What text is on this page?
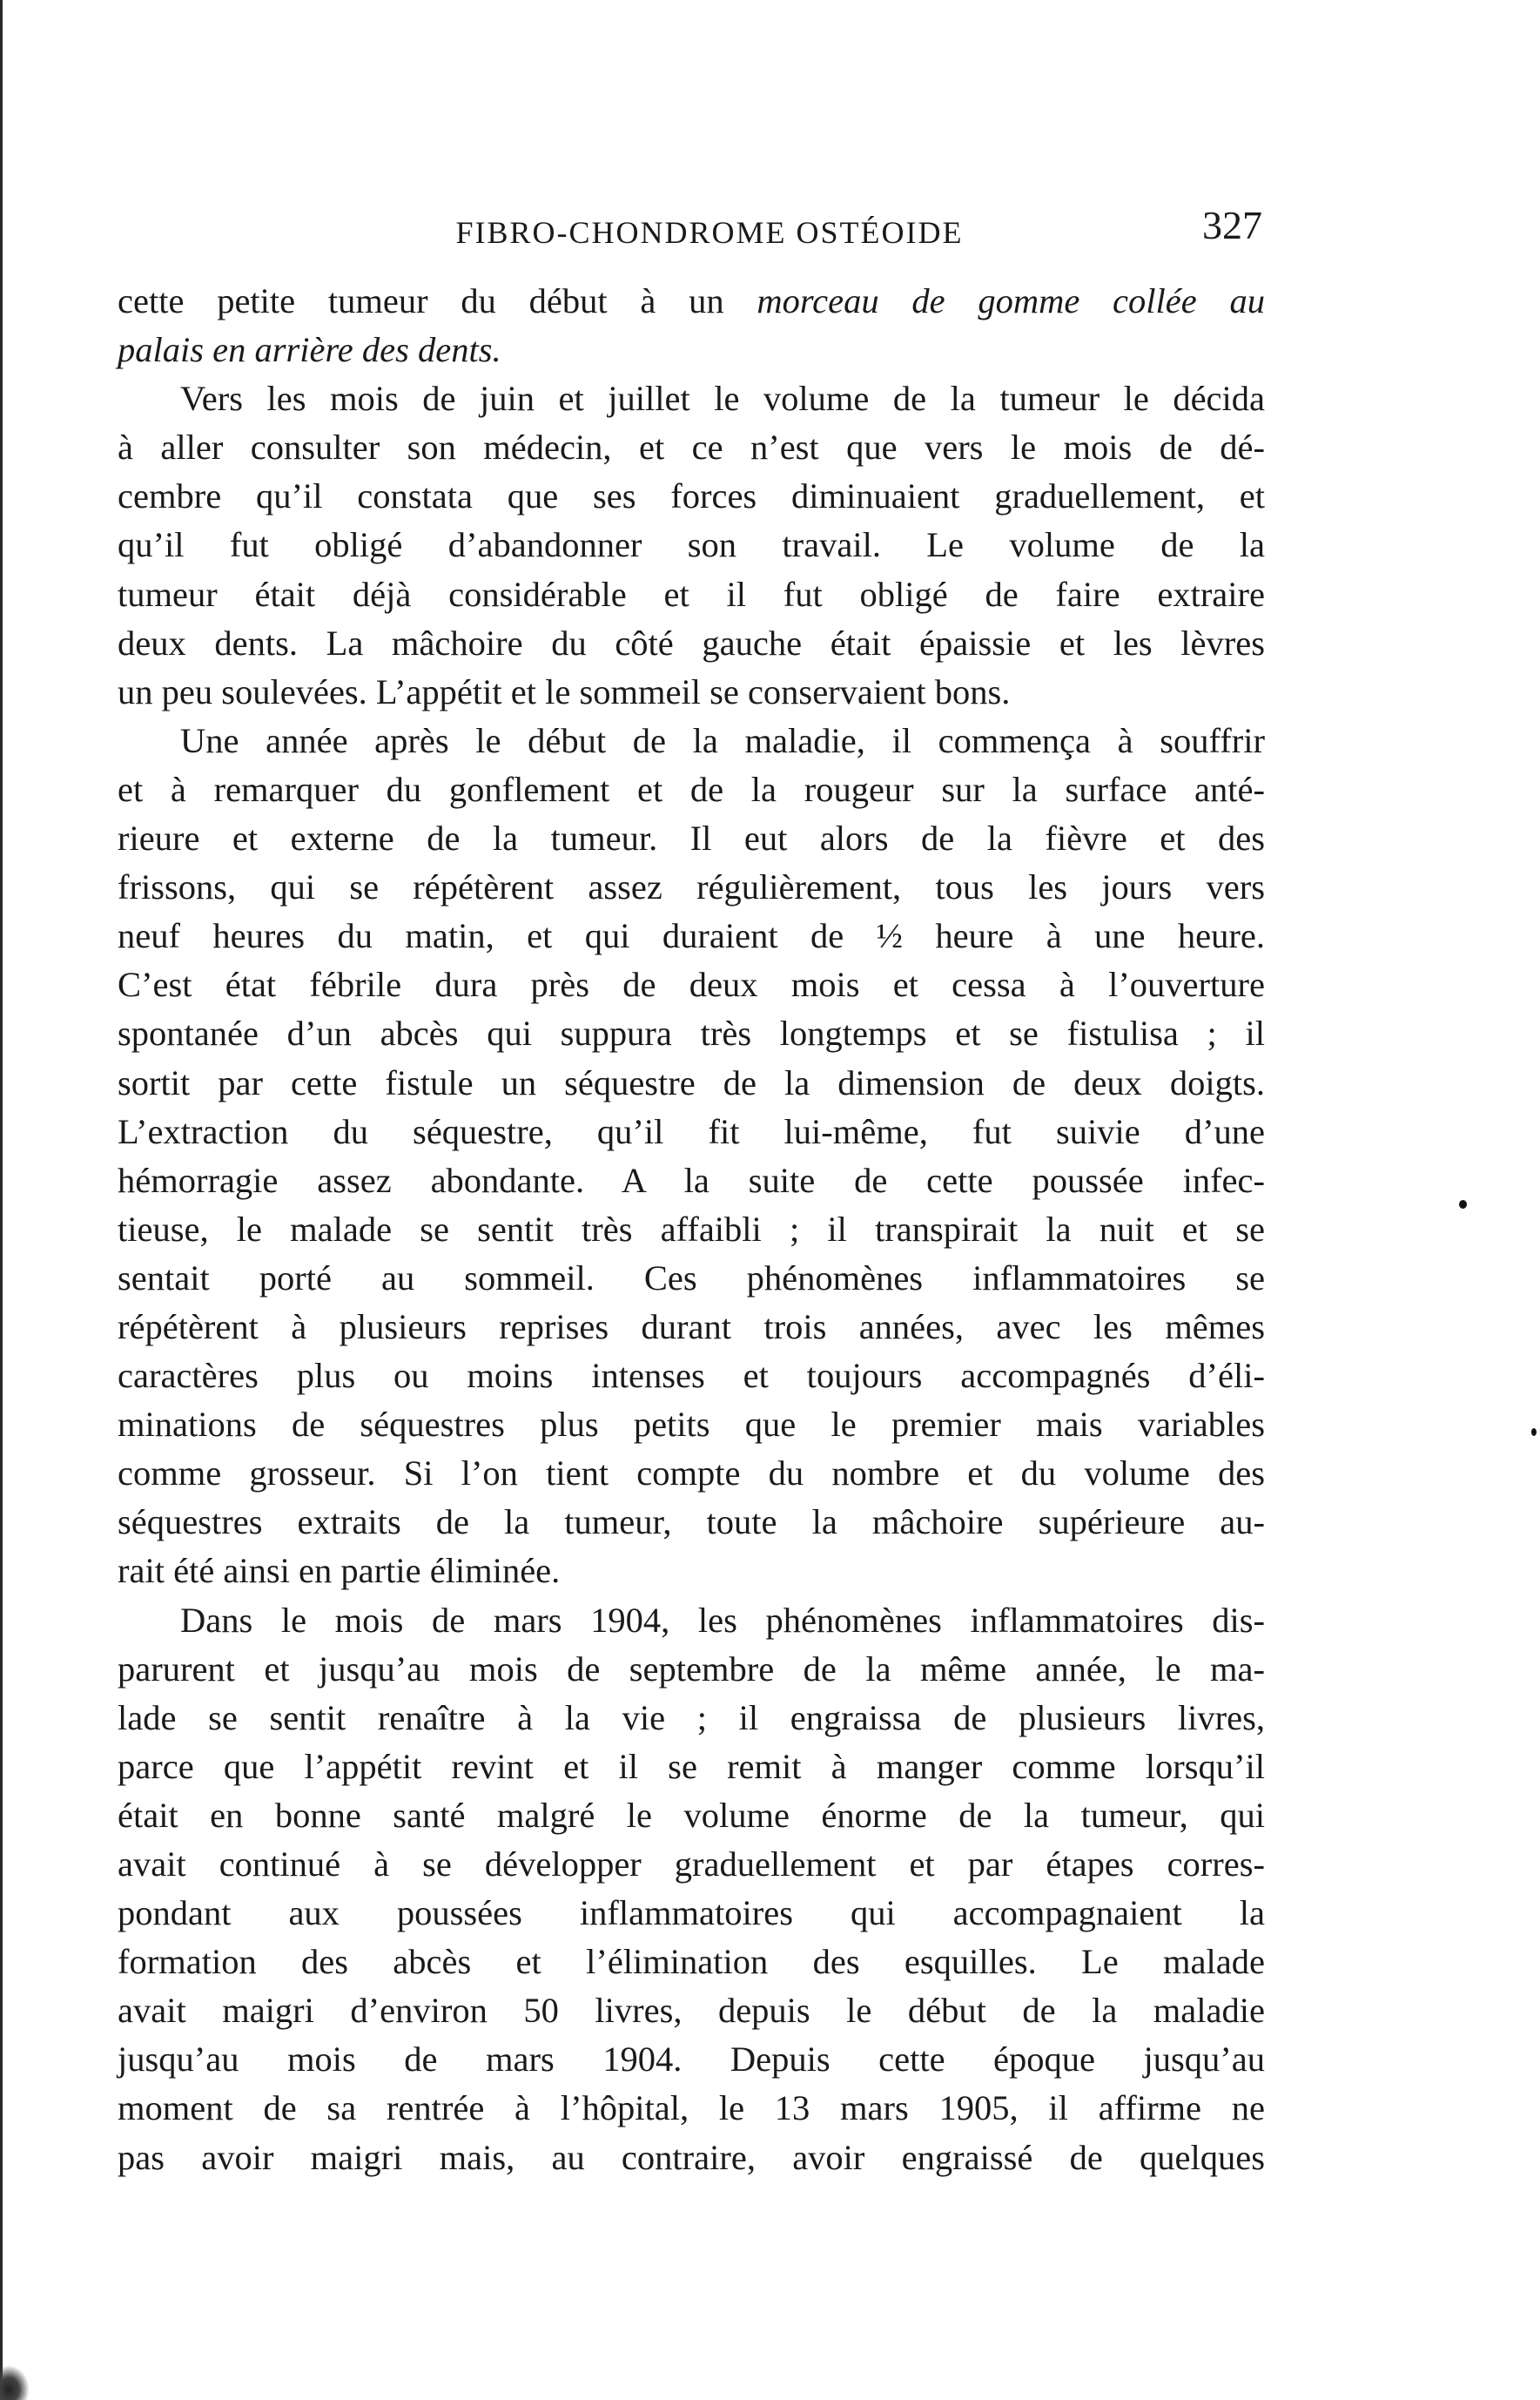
FIBRO-CHONDROME OSTÉOIDE	327
cette petite tumeur du début à un morceau de gomme collée au
palais en arrière des dents.
Vers les mois de juin et juillet le volume de la tumeur le décida
à aller consulter son médecin, et ce n’est que vers le mois de dé-
cembre qu’il constata que ses forces diminuaient graduellement, et
qu’il fut obligé d’abandonner son travail. Le volume de la
tumeur était déjà considérable et il fut obligé de faire extraire
deux dents. La mâchoire du côté gauche était épaissie et les lèvres
un peu soulevées. L’appétit et le sommeil se conservaient bons.
Une année après le début de la maladie, il commença à souffrir
et à remarquer du gonflement et de la rougeur sur la surface anté-
rieure et externe de la tumeur. Il eut alors de la fièvre et des
frissons, qui se répétèrent assez régulièrement, tous les jours vers
neuf heures du matin, et qui duraient de ½ heure à une heure.
C’est état fébrile dura près de deux mois et cessa à l’ouverture
spontanée d’un abcès qui suppura très longtemps et se fistulisa ; il
sortit par cette fistule un séquestre de la dimension de deux doigts.
L’extraction du séquestre, qu’il fit lui-même, fut suivie d’une
hémorragie assez abondante. A la suite de cette poussée infec-
tieuse, le malade se sentit très affaibli ; il transpirait la nuit et se
sentait porté au sommeil. Ces phénomènes inflammatoires se
répétèrent à plusieurs reprises durant trois années, avec les mêmes
caractères plus ou moins intenses et toujours accompagnés d’éli-
minations de séquestres plus petits que le premier mais variables
comme grosseur. Si l’on tient compte du nombre et du volume des
séquestres extraits de la tumeur, toute la mâchoire supérieure au-
rait été ainsi en partie éliminée.
Dans le mois de mars 1904, les phénomènes inflammatoires dis-
parurent et jusqu’au mois de septembre de la même année, le ma-
lade se sentit renaître à la vie ; il engraissa de plusieurs livres,
parce que l’appétit revint et il se remit à manger comme lorsqu’il
était en bonne santé malgré le volume énorme de la tumeur, qui
avait continué à se développer graduellement et par étapes corres-
pondant aux poussées inflammatoires qui accompagnaient la
formation des abcès et l’élimination des esquilles. Le malade
avait maigri d’environ 50 livres, depuis le début de la maladie
jusqu’au mois de mars 1904. Depuis cette époque jusqu’au
moment de sa rentrée à l’hôpital, le 13 mars 1905, il affirme ne
pas avoir maigri mais, au contraire, avoir engraissé de quelques
